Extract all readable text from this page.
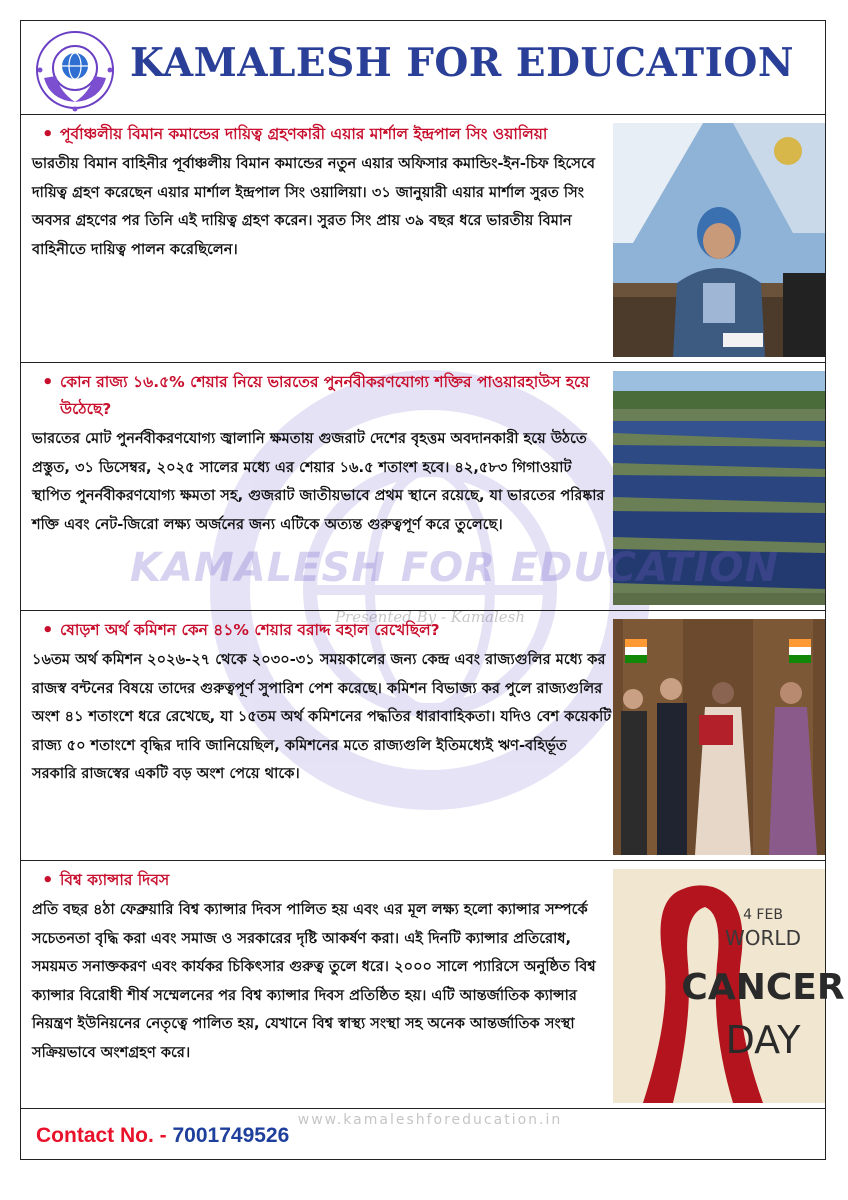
KAMALESH FOR EDUCATION
• পূর্বাঞ্চলীয় বিমান কমান্ডের দায়িত্ব গ্রহণকারী এয়ার মার্শাল ইন্দ্রপাল সিং ওয়ালিয়া
ভারতীয় বিমান বাহিনীর পূর্বাঞ্চলীয় বিমান কমান্ডের নতুন এয়ার অফিসার কমান্ডিং-ইন-চিফ হিসেবে দায়িত্ব গ্রহণ করেছেন এয়ার মার্শাল ইন্দ্রপাল সিং ওয়ালিয়া। ৩১ জানুয়ারী এয়ার মার্শাল সুরত সিং অবসর গ্রহণের পর তিনি এই দায়িত্ব গ্রহণ করেন। সুরত সিং প্রায় ৩৯ বছর ধরে ভারতীয় বিমান বাহিনীতে দায়িত্ব পালন করেছিলেন।
• কোন রাজ্য ১৬.৫% শেয়ার নিয়ে ভারতের পুনর্নবীকরণযোগ্য শক্তির পাওয়ারহাউস হয়ে উঠেছে?
ভারতের মোট পুনর্নবীকরণযোগ্য জ্বালানি ক্ষমতায় গুজরাট দেশের বৃহত্তম অবদানকারী হয়ে উঠতে প্রস্তুত, ৩১ ডিসেম্বর, ২০২৫ সালের মধ্যে এর শেয়ার ১৬.৫ শতাংশ হবে। ৪২,৫৮৩ গিগাওয়াট স্থাপিত পুনর্নবীকরণযোগ্য ক্ষমতা সহ, গুজরাট জাতীয়ভাবে প্রথম স্থানে রয়েছে, যা ভারতের পরিষ্কার শক্তি এবং নেট-জিরো লক্ষ্য অর্জনের জন্য এটিকে অত্যন্ত গুরুত্বপূর্ণ করে তুলেছে।
• ষোড়শ অর্থ কমিশন কেন ৪১% শেয়ার বরাদ্দ বহাল রেখেছিল?
১৬তম অর্থ কমিশন ২০২৬-২৭ থেকে ২০৩০-৩১ সময়কালের জন্য কেন্দ্র এবং রাজ্যগুলির মধ্যে কর রাজস্ব বন্টনের বিষয়ে তাদের গুরুত্বপূর্ণ সুপারিশ পেশ করেছে। কমিশন বিভাজ্য কর পুলে রাজ্যগুলির অংশ ৪১ শতাংশে ধরে রেখেছে, যা ১৫তম অর্থ কমিশনের পদ্ধতির ধারাবাহিকতা। যদিও বেশ কয়েকটি রাজ্য ৫০ শতাংশে বৃদ্ধির দাবি জানিয়েছিল, কমিশনের মতে রাজ্যগুলি ইতিমধ্যেই ঋণ-বহির্ভূত সরকারি রাজস্বের একটি বড় অংশ পেয়ে থাকে।
• বিশ্ব ক্যান্সার দিবস
প্রতি বছর ৪ঠা ফেব্রুয়ারি বিশ্ব ক্যান্সার দিবস পালিত হয় এবং এর মূল লক্ষ্য হলো ক্যান্সার সম্পর্কে সচেতনতা বৃদ্ধি করা এবং সমাজ ও সরকারের দৃষ্টি আকর্ষণ করা। এই দিনটি ক্যান্সার প্রতিরোধ, সময়মত সনাক্তকরণ এবং কার্যকর চিকিৎসার গুরুত্ব তুলে ধরে। ২০০০ সালে প্যারিসে অনুষ্ঠিত বিশ্ব ক্যান্সার বিরোধী শীর্ষ সম্মেলনের পর বিশ্ব ক্যান্সার দিবস প্রতিষ্ঠিত হয়। এটি আন্তর্জাতিক ক্যান্সার নিয়ন্ত্রণ ইউনিয়নের নেতৃত্বে পালিত হয়, যেখানে বিশ্ব স্বাস্থ্য সংস্থা সহ অনেক আন্তর্জাতিক সংস্থা সক্রিয়ভাবে অংশগ্রহণ করে।
4 FEB
WORLD
CANCER
DAY
KAMALESH FOR EDUCATION
Presented By - Kamalesh
www.kamaleshforeducation.in
Contact No. - 7001749526
